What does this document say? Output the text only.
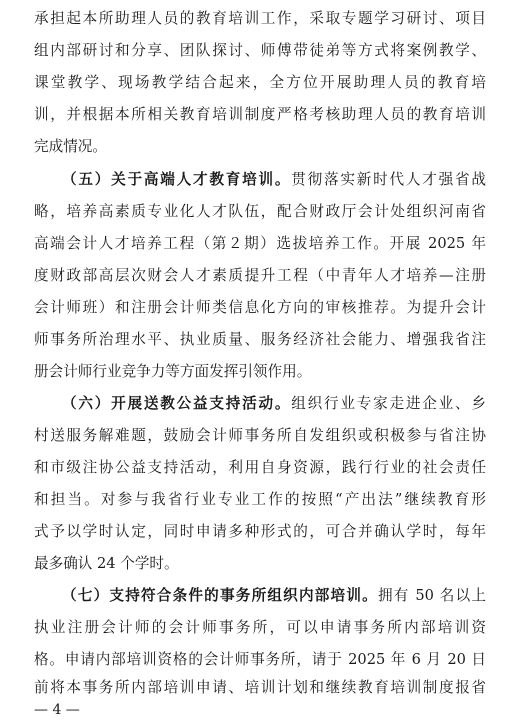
承担起本所助理人员的教育培训工作，采取专题学习研讨、项目
组内部研讨和分享、团队探讨、师傅带徒弟等方式将案例教学、
课堂教学、现场教学结合起来，全方位开展助理人员的教育培
训，并根据本所相关教育培训制度严格考核助理人员的教育培训
完成情况。
（五）关于高端人才教育培训。贯彻落实新时代人才强省战
略，培养高素质专业化人才队伍，配合财政厅会计处组织河南省
高端会计人才培养工程（第２期）选拔培养工作。开展 2025 年
度财政部高层次财会人才素质提升工程（中青年人才培养—注册
会计师班）和注册会计师类信息化方向的审核推荐。为提升会计
师事务所治理水平、执业质量、服务经济社会能力、增强我省注
册会计师行业竞争力等方面发挥引领作用。
（六）开展送教公益支持活动。组织行业专家走进企业、乡
村送服务解难题，鼓励会计师事务所自发组织或积极参与省注协
和市级注协公益支持活动，利用自身资源，践行行业的社会责任
和担当。对参与我省行业专业工作的按照“产出法”继续教育形
式予以学时认定，同时申请多种形式的，可合并确认学时，每年
最多确认 24 个学时。
（七）支持符合条件的事务所组织内部培训。拥有 50 名以上
执业注册会计师的会计师事务所，可以申请事务所内部培训资
格。申请内部培训资格的会计师事务所，请于 2025 年 6 月 20 日
前将本事务所内部培训申请、培训计划和继续教育培训制度报省
— 4 —
